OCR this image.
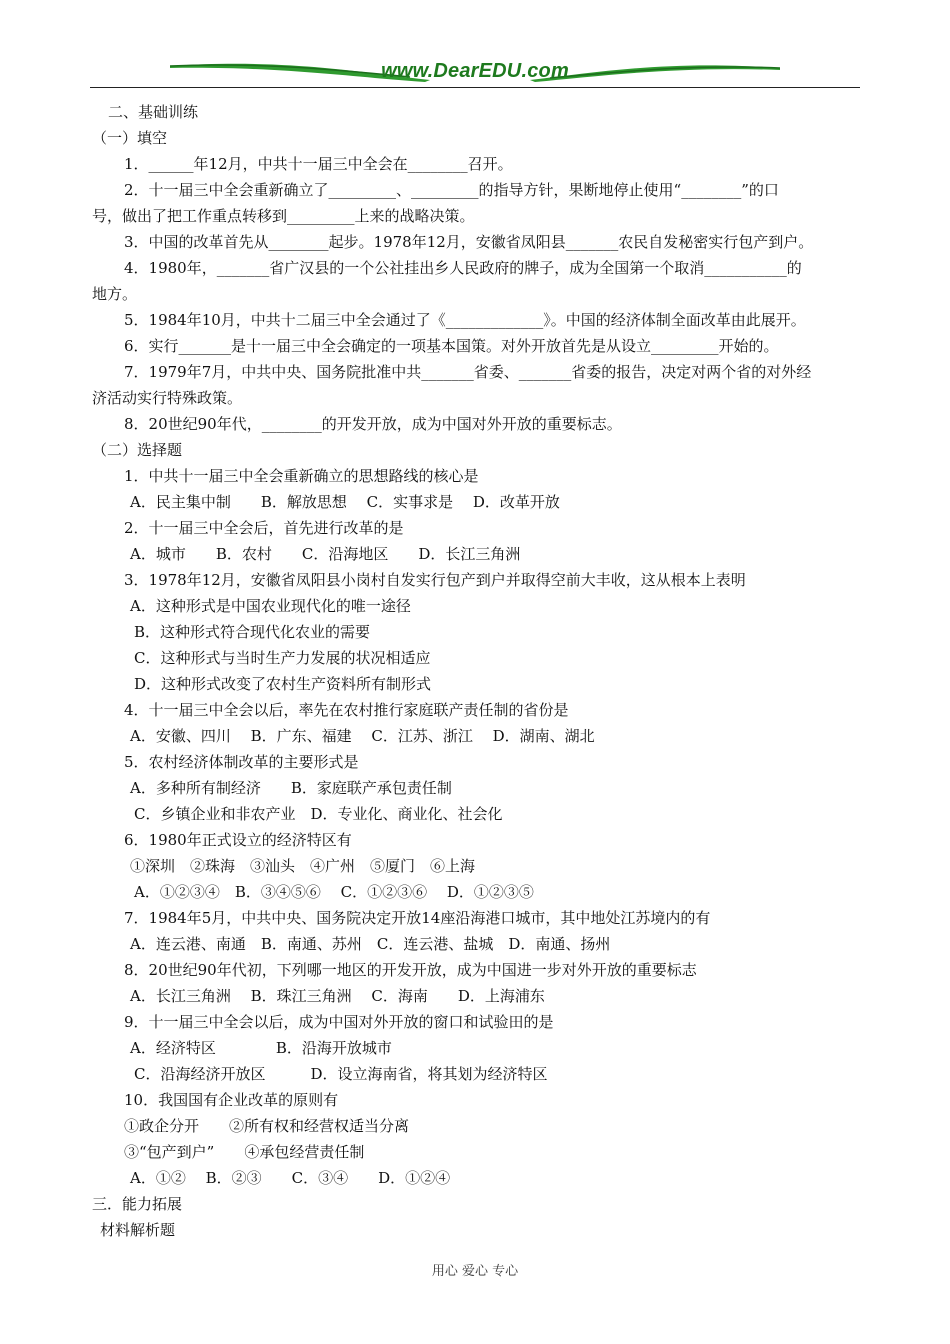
www.DearEDU.com
二、基础训练
（一）填空
1．______年12月，中共十一届三中全会在________召开。
2．十一届三中全会重新确立了_________、_________的指导方针，果断地停止使用“________”的口
号，做出了把工作重点转移到_________上来的战略决策。
3．中国的改革首先从________起步。1978年12月，安徽省凤阳县_______农民自发秘密实行包产到户。
4．1980年，_______省广汉县的一个公社挂出乡人民政府的牌子，成为全国第一个取消___________的
地方。
5．1984年10月，中共十二届三中全会通过了《_____________》。中国的经济体制全面改革由此展开。
6．实行_______是十一届三中全会确定的一项基本国策。对外开放首先是从设立_________开始的。
7．1979年7月，中共中央、国务院批准中共_______省委、_______省委的报告，决定对两个省的对外经
济活动实行特殊政策。
8．20世纪90年代，________的开发开放，成为中国对外开放的重要标志。
（二）选择题
1．中共十一届三中全会重新确立的思想路线的核心是
A．民主集中制　　B．解放思想　 C．实事求是　 D．改革开放
2．十一届三中全会后，首先进行改革的是
A．城市　　B．农村　　C．沿海地区　　D．长江三角洲
3．1978年12月，安徽省凤阳县小岗村自发实行包产到户并取得空前大丰收，这从根本上表明
A．这种形式是中国农业现代化的唯一途径
B．这种形式符合现代化农业的需要
C．这种形式与当时生产力发展的状况相适应
D．这种形式改变了农村生产资料所有制形式
4．十一届三中全会以后，率先在农村推行家庭联产责任制的省份是
A．安徽、四川　 B．广东、福建　 C．江苏、浙江　 D．湖南、湖北
5．农村经济体制改革的主要形式是
A．多种所有制经济　　B．家庭联产承包责任制
C．乡镇企业和非农产业　D．专业化、商业化、社会化
6．1980年正式设立的经济特区有
①深圳　②珠海　③汕头　④广州　⑤厦门　⑥上海
A．①②③④　B．③④⑤⑥　 C．①②③⑥　 D．①②③⑤
7．1984年5月，中共中央、国务院决定开放14座沿海港口城市，其中地处江苏境内的有
A．连云港、南通　B．南通、苏州　C．连云港、盐城　D．南通、扬州
8．20世纪90年代初，下列哪一地区的开发开放，成为中国进一步对外开放的重要标志
A．长江三角洲　 B．珠江三角洲　 C．海南　　D．上海浦东
9．十一届三中全会以后，成为中国对外开放的窗口和试验田的是
A．经济特区　　　　B．沿海开放城市
C．沿海经济开放区　　　D．设立海南省，将其划为经济特区
10．我国国有企业改革的原则有
①政企分开　　②所有权和经营权适当分离
③“包产到户”　　④承包经营责任制
A．①②　 B．②③　　C．③④　　D．①②④
三．能力拓展
材料解析题
用心 爱心 专心
